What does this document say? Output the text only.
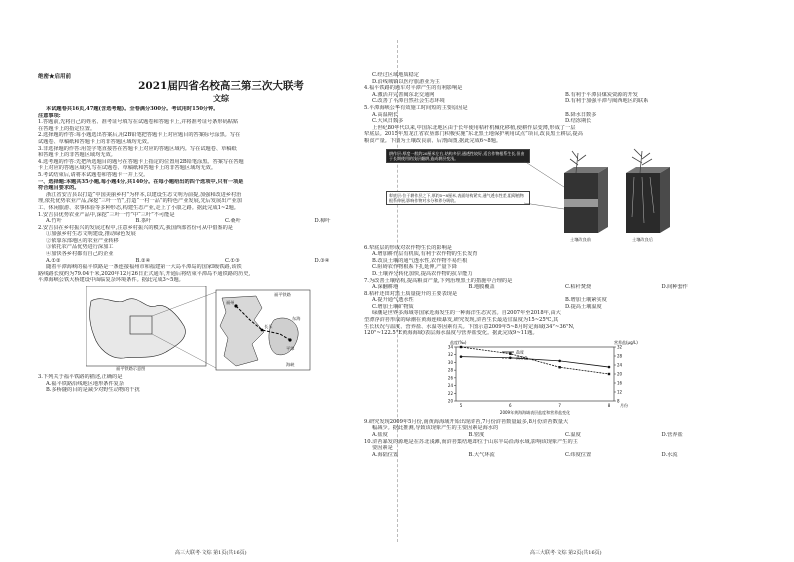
绝密★启用前
2021届四省名校高三第三次大联考
文综
本试题卷共16页,47题(含选考题)。全卷满分300分。考试用时150分钟。
注意事项:
1.答题前,先将自己的姓名、准考证号填写在试题卷和答题卡上,并将准考证号条形码粘贴
在答题卡上的指定位置。
2.选择题的作答:每小题选出答案后,用2B铅笔把答题卡上对应题目的答案标号涂黑。写在
试题卷、草稿纸和答题卡上的非答题区域均无效。
3.非选择题的作答:用签字笔直接答在答题卡上对应的答题区域内。写在试题卷、草稿纸
和答题卡上的非答题区域均无效。
4.选考题的作答:先把所选题目的题号在答题卡上指定的位置用2B铅笔涂黑。答案写在答题
卡上对应的答题区域内,写在试题卷、草稿纸和答题卡上的非答题区域均无效。
5.考试结束后,请将本试题卷和答题卡一并上交。
一、选择题:本题共35小题,每小题4分,共140分。在每小题给出的四个选项中,只有一项是
符合题目要求的。
浙江省安吉县以打造“中国美丽乡村”为样本,以建设生态文明为前提,加强和改进乡村治
理,依托优势农业产品,深挖“三叶一竹”,打造“一村一品”的特色产业发展,先后发展出产业加
工、休闲旅游、农事体验等多种形态,构建生态产业,走上了小康之路。据此完成1~2题。
1.安吉县优势农业产品中,深挖“三叶一竹”中“三叶”不可能是
A.竹叶	B.茶叶	C.桑叶	D.樟叶
2.安吉县在乡村振兴的发展过程中,注意乡村振兴的模式,我国西部省份可从中借鉴的是
①加强乡村生态文明建设,推动绿色发展
②依靠东部地区的农业产业转移
③依托农产品优势进行深加工
④加快各乡村都有自己的企业
A.①②	B.②④	C.①③	D.③④
随着平潭海峡的福平铁路是一条连接福州市和福建第一大岛平潭岛的国家Ⅰ级铁路,该铁
路线路长度约为79.04千米,2020年12月26日正式通车,开通后将结束平潭岛不通铁路的历史,
平潭海峡公铁大桥建设中面临复杂环境条件。据此完成3~5题。
福州
长乐
平潭
福平铁路
东海
海峡
福平铁路示意图
3.下列关于福平铁路的描述,正确的是
A.福平铁路沿线地区地形条件复杂
B.多桥隧的目的是减少对野生动物的干扰
高三大联考·文综 第1页(共16页)
C.经过区域地质稳定
D.沿线城镇以医疗旅游业为主
4.福平铁路的通车对平潭产生的有利影响是
A.激活并完善闽东北交通网	B.有利于平潭县煤炭资源的开发
C.改善了平潭自然社会生态环境	D.有利于加强平潭与闽西地区的联系
5.平潭海峡公华有效施工时间短的主要原因是
A.高温期长	B.降水日数多
C.大风日数多	D.结冻期长
上世纪80年代以来,中国东北地区由于长年使用秸秆机械化移植,使耕作层变薄,形成了一层
犁底层。2015年黑龙江省农垦部门积极实施“东北黑土地保护利用试点”项目,改良黑土耕层,提高
粮食产量。下图为土壤改良前、后剖面图,据此完成6~8题。
耕作层:厚度一般约20厘米左右,结构多层,通透性较好,适合作物根系生长,但由于长期使用的浅层翻耕,造成耕层变浅。
犁底层:位于耕作层之下,厚约5~8厘米,表面结构紧实,通气透水性差,阻碍植物根系伸展,影响作物对水分和养分吸收。
土壤改良前	土壤改良后
6.犁底层的形成对农作物生长的影响是
A.增加耕作层有机质,有利于农作物的生长发育
B.改良土壤的通气透水性,农作物不易烂根
C.阻碍农作物根系下扎延伸,产量下降
D.土壤养分转化加快,提高农作物的抗旱能力
7.为改善土壤结构,提高粮食产量,下列治理黑土的措施中合理的是
A.深翻耕地	B.地膜覆盖	C.秸秆焚烧	D.间种套作
8.秸秆还田对黑土质量提升的主要表现是
A.提升通气透水性	B.增加土壤紧实度
C.增加土壤矿物质	D.提高土壤温度
绿潮是世界多海域等国家近海发生的一种海洋生态灾害。自2007年至2018年,由大
型漂浮浒苔形成的绿潮在黄海连续暴发,研究发现,浒苔生长最适宜温度为15~25℃,其
生长状况与温度、营养盐、水温等因素有关。下图示意2009年5~8月时定海域(34°~36°N,
120°~122.5°E黄海海域)表层海水温度与营养盐变化。据此完成9~11题。
20
22
24
26
28
30
32
34
8
12
16
20
24
28
32
5	6	7	8 月份
盐度(‰)	营养盐(μg/L)
盐度
营养盐
2009年黄海海域表层盐度和营养盐变化
9.研究发现2009年5月份,南黄海海域开始出现浒苔,7月份浒苔数量最多,8月份浒苔数量大
幅减少。据此推测,导致该现象产生的主要因素是海水的
A.盐度	B.密度	C.温度	D.营养盐
10.浒苔暴发的源地是在苏北浅滩,而浒苔集结地却位于山东半岛沿海水域,影响该现象产生的主
要因素是
A.海陆位置	B.大气环流	C.纬度位置	D.水流
高三大联考·文综 第2页(共16页)
